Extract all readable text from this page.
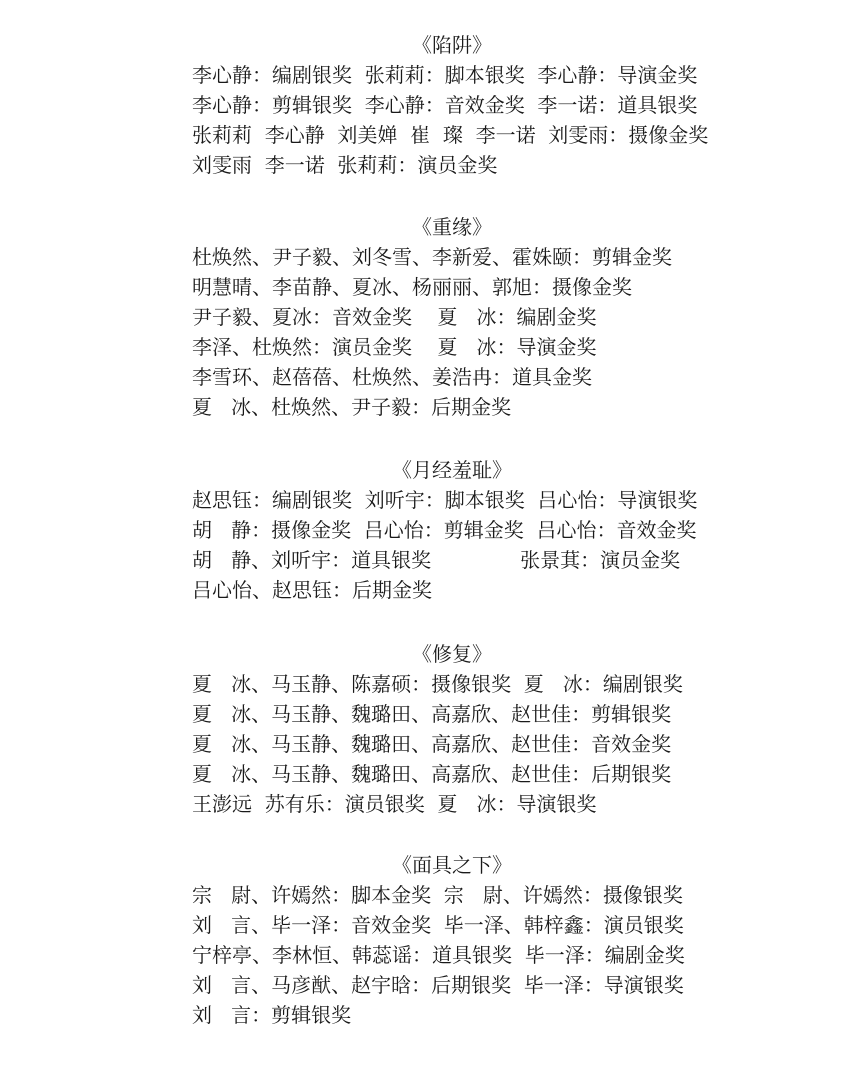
《陷阱》
李心静：编剧银奖  张莉莉：脚本银奖  李心静：导演金奖
李心静：剪辑银奖  李心静：音效金奖  李一诺：道具银奖
张莉莉  李心静  刘美婵  崔  璨  李一诺  刘雯雨：摄像金奖
刘雯雨  李一诺  张莉莉：演员金奖
《重缘》
杜焕然、尹子毅、刘冬雪、李新爱、霍姝颐：剪辑金奖
明慧晴、李苗静、夏冰、杨丽丽、郭旭：摄像金奖
尹子毅、夏冰：音效金奖    夏   冰：编剧金奖
李泽、杜焕然：演员金奖    夏   冰：导演金奖
李雪环、赵蓓蓓、杜焕然、姜浩冉：道具金奖
夏   冰、杜焕然、尹子毅：后期金奖
《月经羞耻》
赵思钰：编剧银奖  刘听宇：脚本银奖  吕心怡：导演银奖
胡   静：摄像金奖  吕心怡：剪辑金奖  吕心怡：音效金奖
胡   静、刘听宇：道具银奖              张景萁：演员金奖
吕心怡、赵思钰：后期金奖
《修复》
夏   冰、马玉静、陈嘉硕：摄像银奖  夏   冰：编剧银奖
夏   冰、马玉静、魏璐田、高嘉欣、赵世佳：剪辑银奖
夏   冰、马玉静、魏璐田、高嘉欣、赵世佳：音效金奖
夏   冰、马玉静、魏璐田、高嘉欣、赵世佳：后期银奖
王澎远  苏有乐：演员银奖  夏   冰：导演银奖
《面具之下》
宗   尉、许嫣然：脚本金奖  宗   尉、许嫣然：摄像银奖
刘   言、毕一泽：音效金奖  毕一泽、韩梓鑫：演员银奖
宁梓亭、李林恒、韩蕊谣：道具银奖  毕一泽：编剧金奖
刘   言、马彦猷、赵宇晗：后期银奖  毕一泽：导演银奖
刘   言：剪辑银奖
